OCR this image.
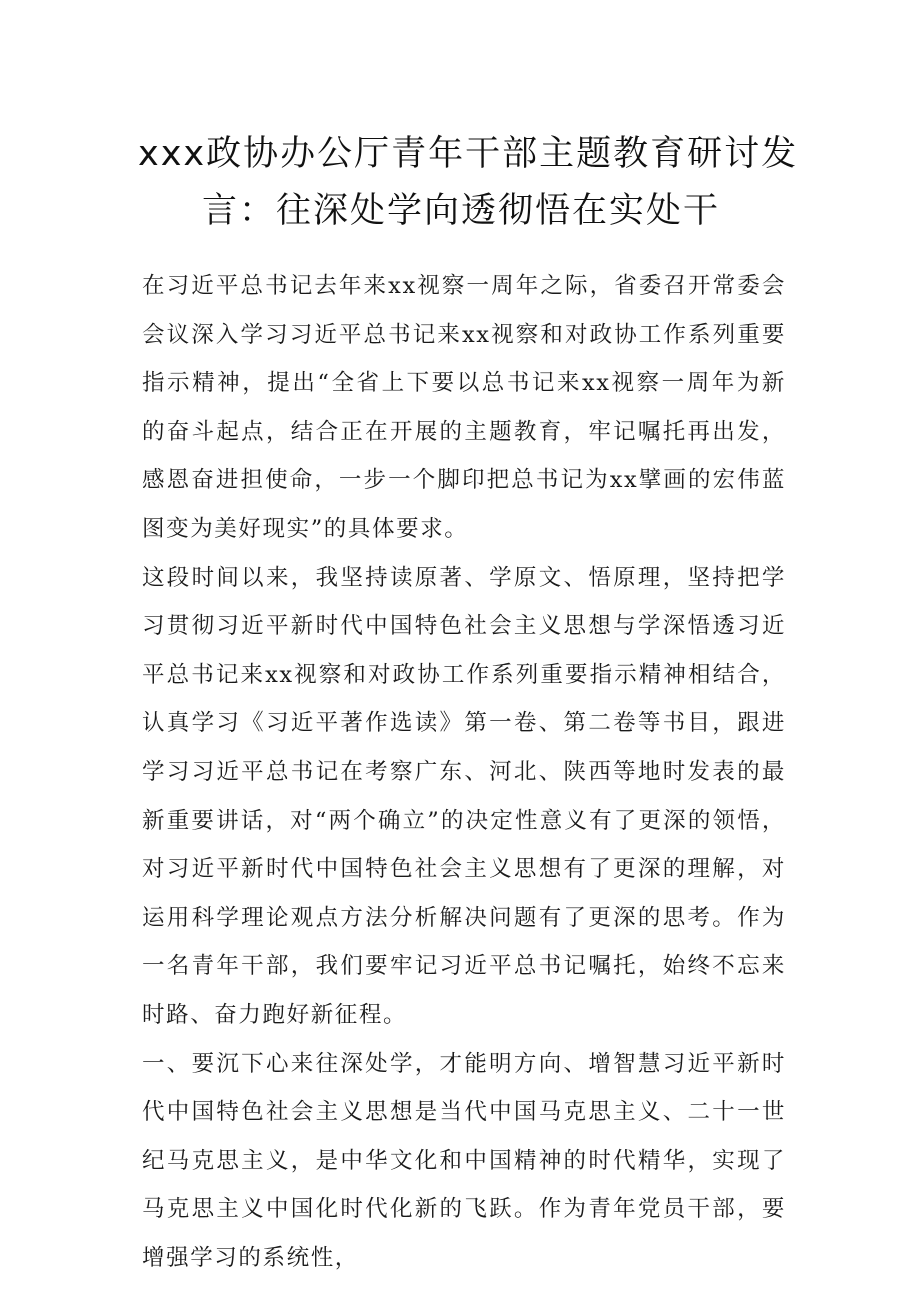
xxx政协办公厅青年干部主题教育研讨发
言：往深处学向透彻悟在实处干

在习近平总书记去年来xx视察一周年之际，省委召开常委会会议深入学习习近平总书记来xx视察和对政协工作系列重要指示精神，提出“全省上下要以总书记来xx视察一周年为新的奋斗起点，结合正在开展的主题教育，牢记嘱托再出发，感恩奋进担使命，一步一个脚印把总书记为xx擘画的宏伟蓝图变为美好现实”的具体要求。

这段时间以来，我坚持读原著、学原文、悟原理，坚持把学习贯彻习近平新时代中国特色社会主义思想与学深悟透习近平总书记来xx视察和对政协工作系列重要指示精神相结合，认真学习《习近平著作选读》第一卷、第二卷等书目，跟进学习习近平总书记在考察广东、河北、陕西等地时发表的最新重要讲话，对“两个确立”的决定性意义有了更深的领悟，对习近平新时代中国特色社会主义思想有了更深的理解，对运用科学理论观点方法分析解决问题有了更深的思考。作为一名青年干部，我们要牢记习近平总书记嘱托，始终不忘来时路、奋力跑好新征程。

一、要沉下心来往深处学，才能明方向、增智慧习近平新时代中国特色社会主义思想是当代中国马克思主义、二十一世纪马克思主义，是中华文化和中国精神的时代精华，实现了马克思主义中国化时代化新的飞跃。作为青年党员干部，要增强学习的系统性，
